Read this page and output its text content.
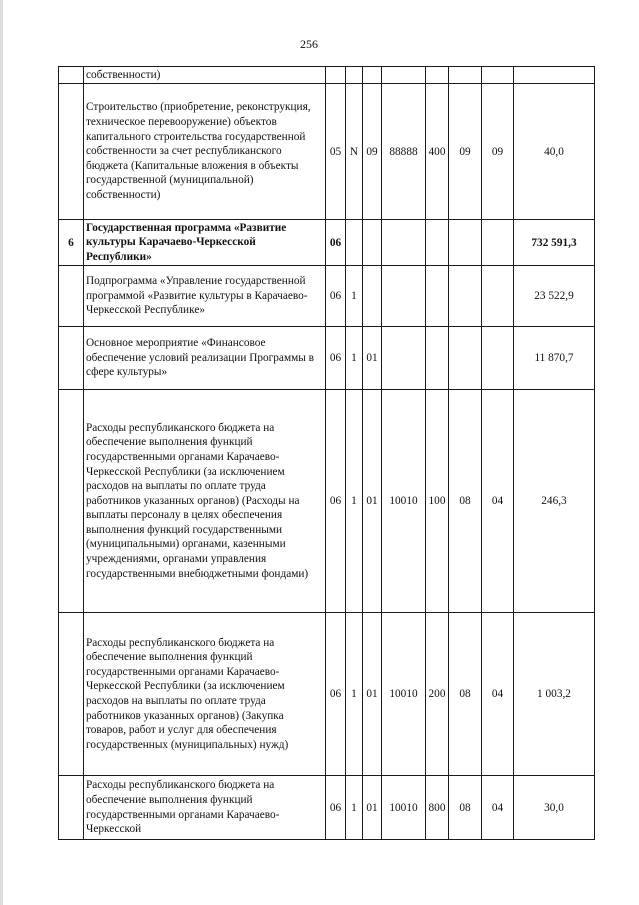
256
	собственности)								
	Строительство (приобретение, реконструкция, техническое перевооружение) объектов капитального строительства государственной собственности за счет республиканского бюджета (Капитальные вложения в объекты государственной (муниципальной) собственности)	05	N	09	88888	400	09	09	40,0
6	Государственная программа «Развитие культуры Карачаево-Черкесской Республики»	06							732 591,3
	Подпрограмма «Управление государственной программой «Развитие культуры в Карачаево-Черкесской Республике»	06	1						23 522,9
	Основное мероприятие «Финансовое обеспечение условий реализации Программы в сфере культуры»	06	1	01					11 870,7
	Расходы республиканского бюджета на обеспечение выполнения функций государственными органами Карачаево-Черкесской Республики (за исключением расходов на выплаты по оплате труда работников указанных органов) (Расходы на выплаты персоналу в целях обеспечения выполнения функций государственными (муниципальными) органами, казенными учреждениями, органами управления государственными внебюджетными фондами)	06	1	01	10010	100	08	04	246,3
	Расходы республиканского бюджета на обеспечение выполнения функций государственными органами Карачаево-Черкесской Республики (за исключением расходов на выплаты по оплате труда работников указанных органов) (Закупка товаров, работ и услуг для обеспечения государственных (муниципальных) нужд)	06	1	01	10010	200	08	04	1 003,2
	Расходы республиканского бюджета на обеспечение выполнения функций государственными органами Карачаево-Черкесской	06	1	01	10010	800	08	04	30,0
